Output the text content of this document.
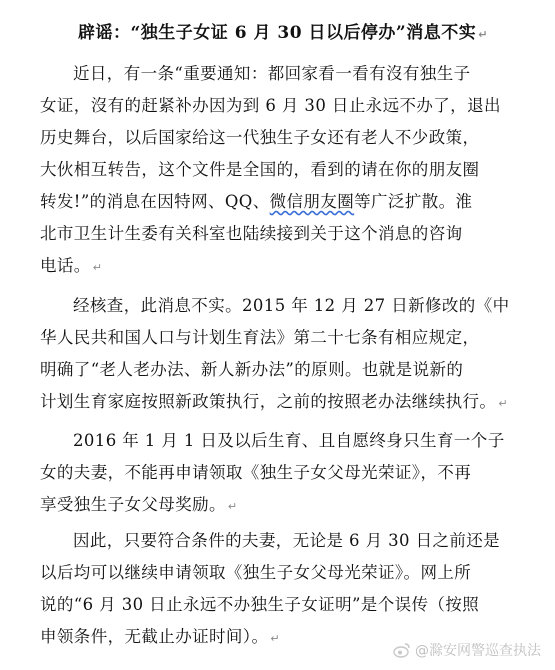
辟谣：“独生子女证 6 月 30 日以后停办”消息不实 ↵
近日，有一条“重要通知：都回家看一看有沒有独生子
女证，沒有的赶紧补办因为到 6 月 30 日止永远不办了，退出
历史舞台，以后国家给这一代独生子女还有老人不少政策，
大伙相互转告，这个文件是全国的，看到的请在你的朋友圈
转发!”的消息在因特网、QQ、微信朋友圈等广泛扩散。淮
北市卫生计生委有关科室也陆续接到关于这个消息的咨询
电话。 ↵
经核查，此消息不实。2015 年 12 月 27 日新修改的《中
华人民共和国人口与计划生育法》第二十七条有相应规定，
明确了“老人老办法、新人新办法”的原则。也就是说新的
计划生育家庭按照新政策执行，之前的按照老办法继续执行。 ↵
2016 年 1 月 1 日及以后生育、且自愿终身只生育一个子
女的夫妻，不能再申请领取《独生子女父母光荣证》，不再
享受独生子女父母奖励。 ↵
因此，只要符合条件的夫妻，无论是 6 月 30 日之前还是
以后均可以继续申请领取《独生子女父母光荣证》。网上所
说的“6 月 30 日止永远不办独生子女证明”是个误传（按照
申领条件，无截止办证时间）。 ↵
@滁安网警巡查执法
